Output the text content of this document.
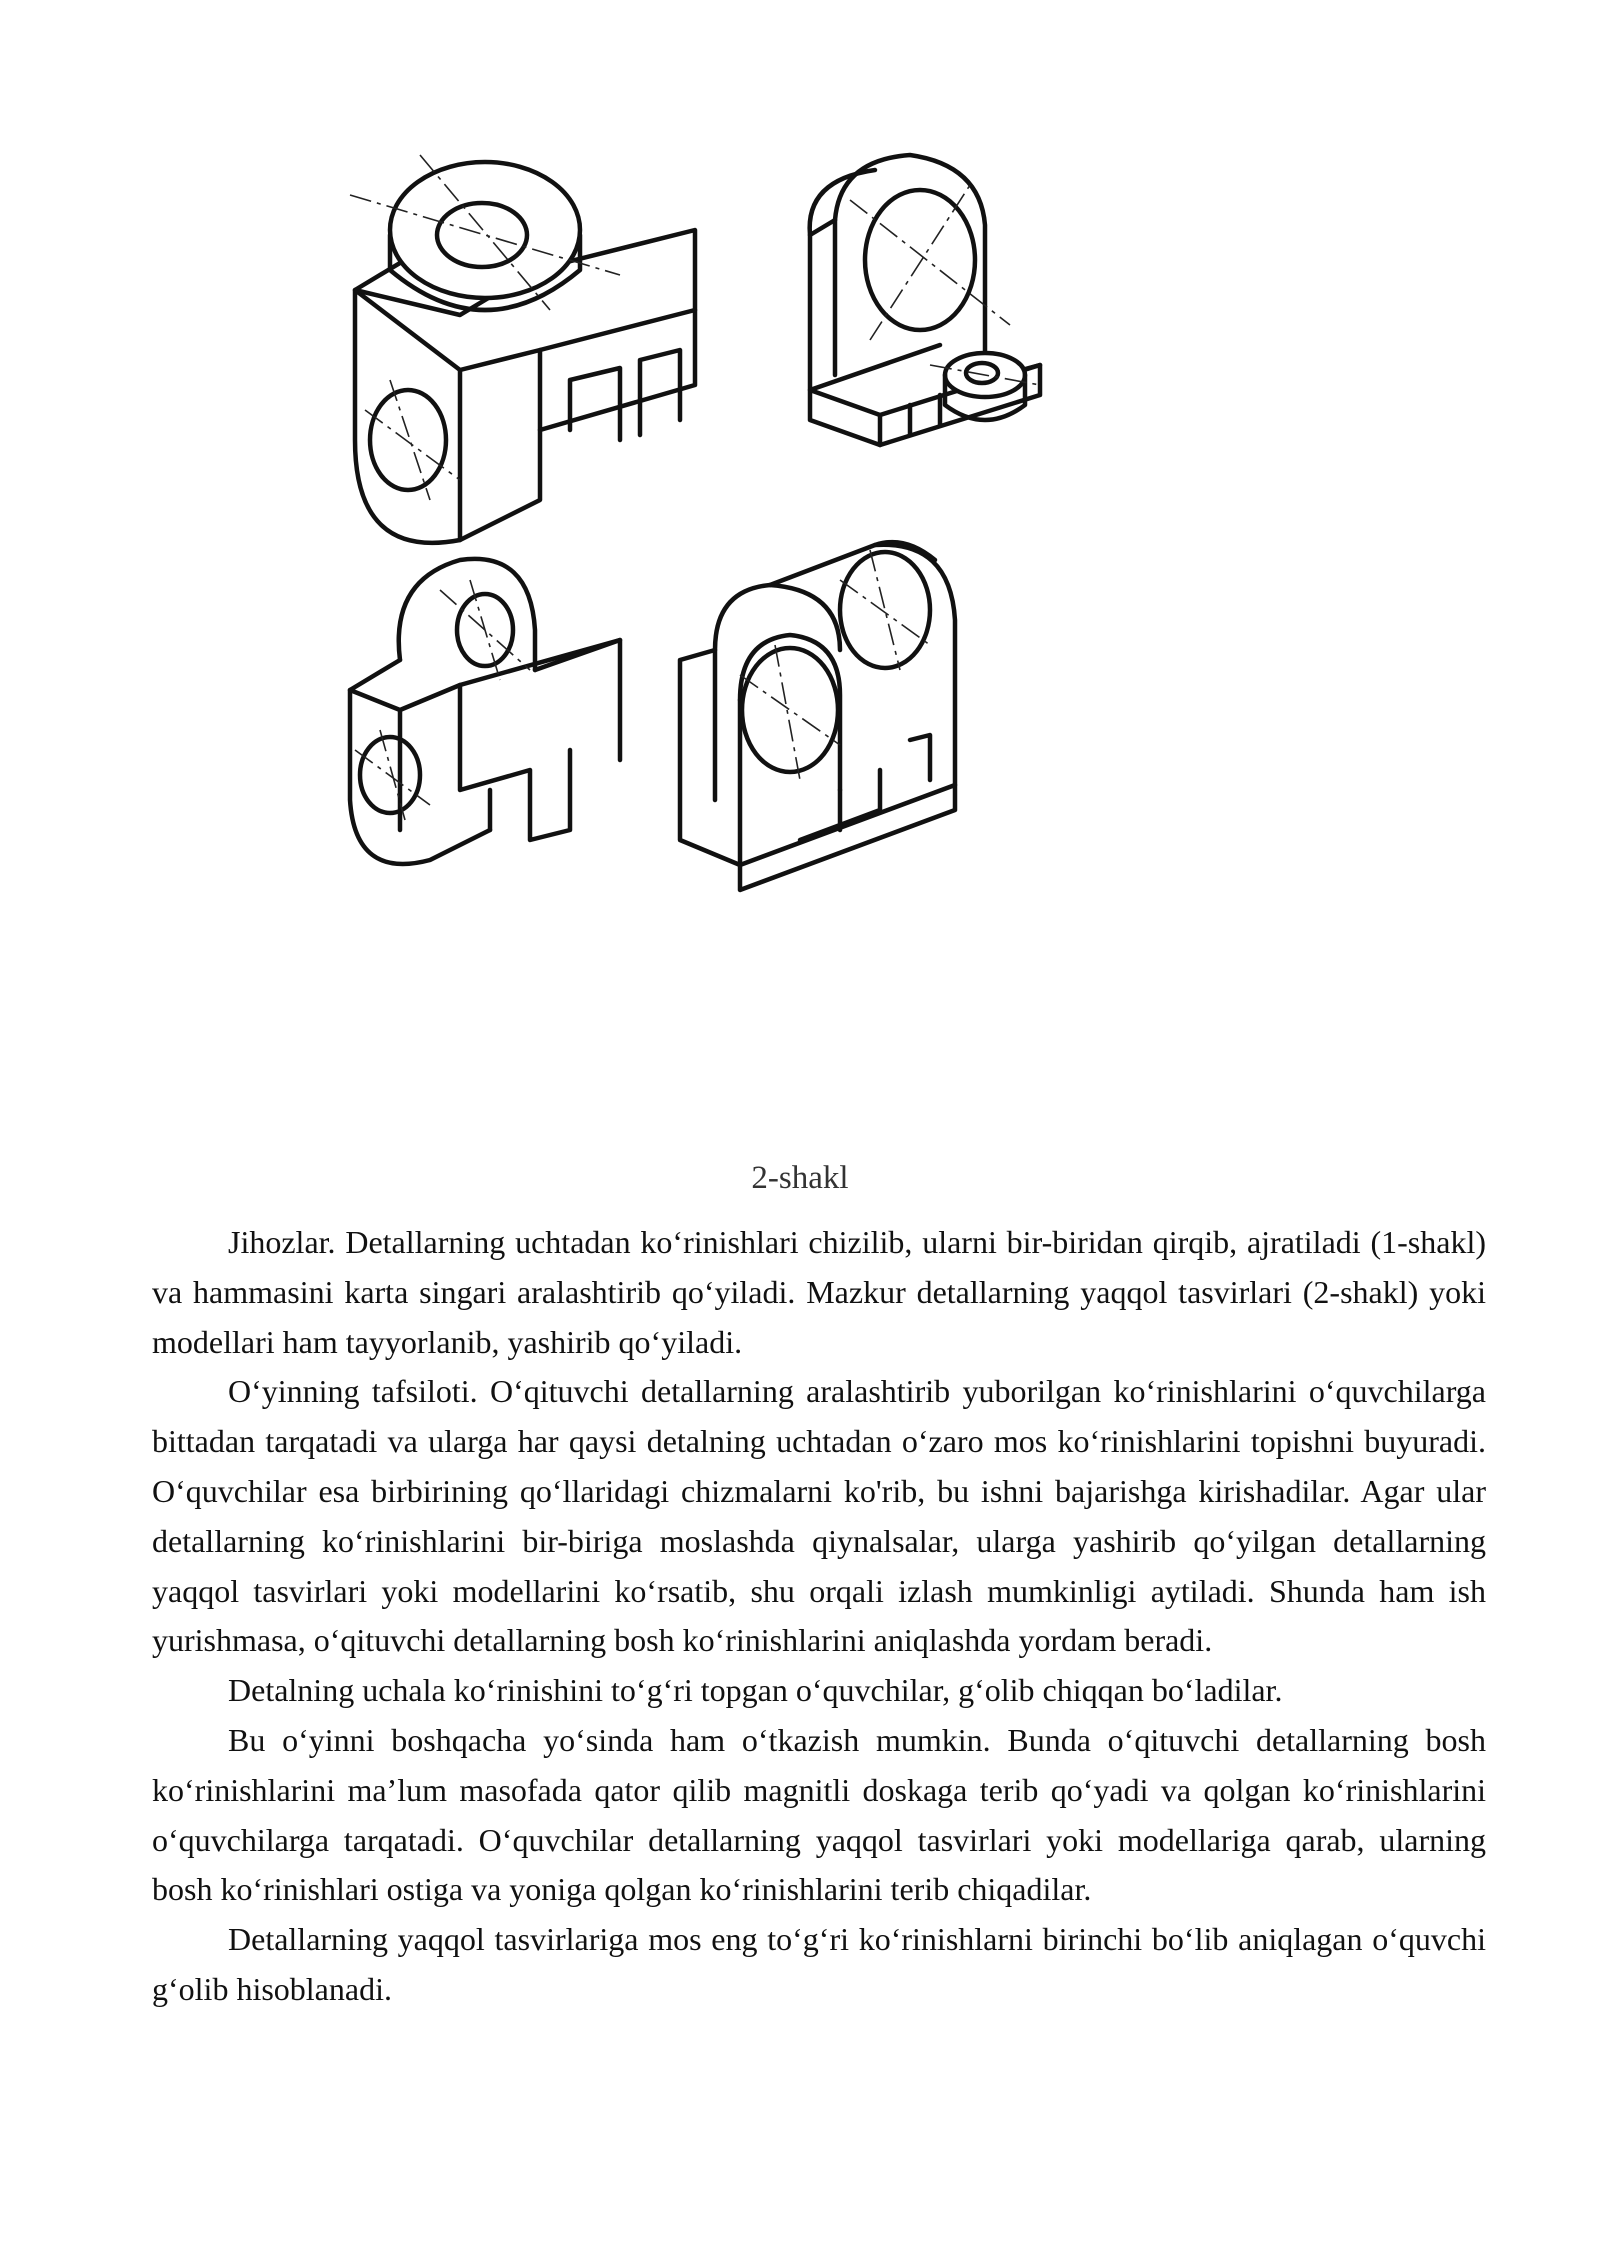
2-shakl

Jihozlar. Detallarning uchtadan ko‘rinishlari chizilib, ularni bir-biridan qirqib, ajratiladi (1-shakl) va hammasini karta singari aralashtirib qo‘yiladi. Mazkur detallarning yaqqol tasvirlari (2-shakl) yoki modellari ham tayyorlanib, yashirib qo‘yiladi.

O‘yinning tafsiloti. O‘qituvchi detallarning aralashtirib yuborilgan ko‘rinishlarini o‘quvchilarga bittadan tarqatadi va ularga har qaysi detalning uchtadan o‘zaro mos ko‘rinishlarini topishni buyuradi. O‘quvchilar esa birbirining qo‘llaridagi chizmalarni ko'rib, bu ishni bajarishga kirishadilar. Agar ular detallarning ko‘rinishlarini bir-biriga moslashda qiynalsalar, ularga yashirib qo‘yilgan detallarning yaqqol tasvirlari yoki modellarini ko‘rsatib, shu orqali izlash mumkinligi aytiladi. Shunda ham ish yurishmasa, o‘qituvchi detallarning bosh ko‘rinishlarini aniqlashda yordam beradi.

Detalning uchala ko‘rinishini to‘g‘ri topgan o‘quvchilar, g‘olib chiqqan bo‘ladilar.

Bu o‘yinni boshqacha yo‘sinda ham o‘tkazish mumkin. Bunda o‘qituvchi detallarning bosh ko‘rinishlarini ma’lum masofada qator qilib magnitli doskaga terib qo‘yadi va qolgan ko‘rinishlarini o‘quvchilarga tarqatadi. O‘quvchilar detallarning yaqqol tasvirlari yoki modellariga qarab, ularning bosh ko‘rinishlari ostiga va yoniga qolgan ko‘rinishlarini terib chiqadilar.

Detallarning yaqqol tasvirlariga mos eng to‘g‘ri ko‘rinishlarni birinchi bo‘lib aniqlagan o‘quvchi g‘olib hisoblanadi.
